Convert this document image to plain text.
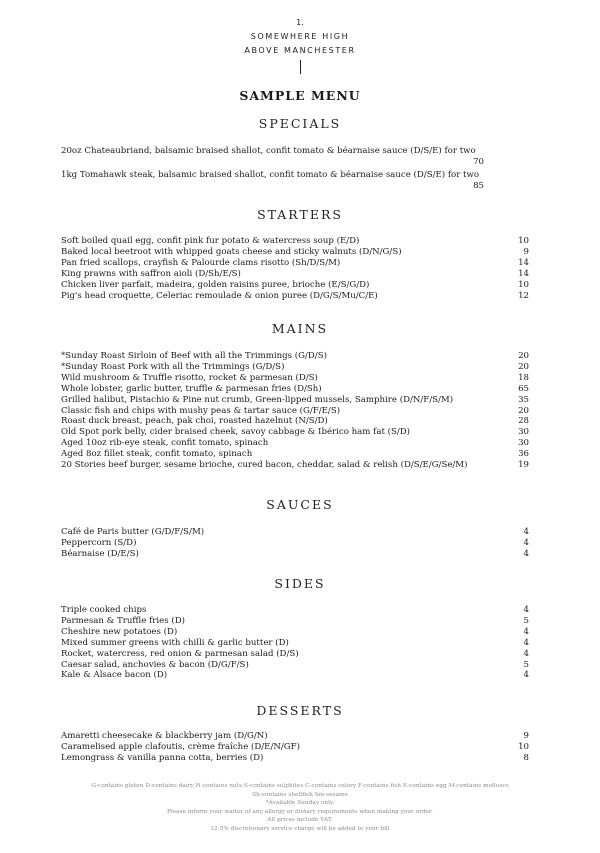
1.
SOMEWHERE HIGH
ABOVE MANCHESTER
SAMPLE MENU
SPECIALS
20oz Chateaubriand, balsamic braised shallot, confit tomato & béarnaise sauce (D/S/E) for two
70
1kg Tomahawk steak, balsamic braised shallot, confit tomato & béarnaise sauce (D/S/E) for two
85
STARTERS
Soft boiled quail egg, confit pink fur potato & watercress soup (E/D)	10
Baked local beetroot with whipped goats cheese and sticky walnuts (D/N/G/S)	9
Pan fried scallops, crayfish & Palourde clams risotto (Sh/D/S/M)	14
King prawns with saffron aioli (D/Sh/E/S)	14
Chicken liver parfait, madeira, golden raisins puree, brioche (E/S/G/D)	10
Pig's head croquette, Celeriac remoulade & onion puree (D/G/S/Mu/C/E)	12
MAINS
*Sunday Roast Sirloin of Beef with all the Trimmings (G/D/S)	20
*Sunday Roast Pork with all the Trimmings (G/D/S)	20
Wild mushroom & Truffle risotto, rocket & parmesan (D/S)	18
Whole lobster, garlic butter, truffle & parmesan fries (D/Sh)	65
Grilled halibut, Pistachio & Pine nut crumb, Green-lipped mussels, Samphire (D/N/F/S/M)	35
Classic fish and chips with mushy peas & tartar sauce (G/F/E/S)	20
Roast duck breast, peach, pak choi, roasted hazelnut (N/S/D)	28
Old Spot pork belly, cider braised cheek, savoy cabbage & Ibérico ham fat (S/D)	30
Aged 10oz rib-eye steak, confit tomato, spinach	30
Aged 8oz fillet steak, confit tomato, spinach	36
20 Stories beef burger, sesame brioche, cured bacon, cheddar, salad & relish (D/S/E/G/Se/M)	19
SAUCES
Café de Paris butter (G/D/F/S/M)	4
Peppercorn (S/D)	4
Béarnaise (D/E/S)	4
SIDES
Triple cooked chips	4
Parmesan & Truffle fries (D)	5
Cheshire new potatoes (D)	4
Mixed summer greens with chilli & garlic butter (D)	4
Rocket, watercress, red onion & parmesan salad (D/S)	4
Caesar salad, anchovies & bacon (D/G/F/S)	5
Kale & Alsace bacon (D)	4
DESSERTS
Amaretti cheesecake & blackberry jam (D/G/N)	9
Caramelised apple clafoutis, crème fraîche (D/E/N/GF)	10
Lemongrass & vanilla panna cotta, berries (D)	8
G-contains gluten D-contains dairy N-contains nuts S-contains sulphites C-contains celery F-contains fish E-contains egg M-contains molluscs
Sh-contains shellfish Sm-sesame
*Available Sunday only.
Please inform your waiter of any allergy or dietary requirements when making your order.
All prices include VAT.
12.5% discretionary service charge will be added to your bill
